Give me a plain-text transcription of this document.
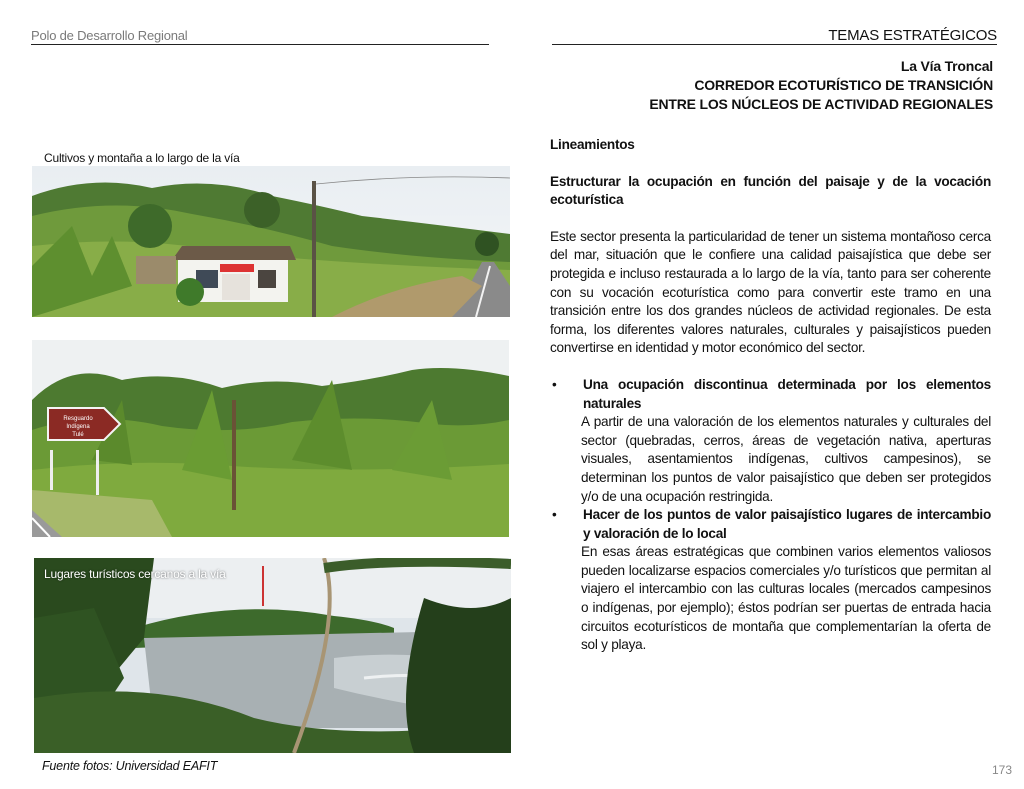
Polo de Desarrollo Regional	TEMAS ESTRATÉGICOS
La Vía Troncal
CORREDOR ECOTURÍSTICO DE TRANSICIÓN
ENTRE LOS NÚCLEOS DE ACTIVIDAD REGIONALES
Cultivos y montaña a lo largo de la vía
Resguardo
Indígena
Tulé
Lugares turísticos cercanos a la vía
Fuente fotos: Universidad EAFIT	173
Lineamientos
Estructurar la ocupación en función del paisaje y de la vocación ecoturística
Este sector presenta la particularidad de tener un sistema montañoso cerca del mar, situación que le confiere una calidad paisajística que debe ser protegida e incluso restaurada a lo largo de la vía, tanto para ser coherente con su vocación ecoturística como para convertir este tramo en una transición entre los dos grandes núcleos de actividad regionales. De esta forma, los diferentes valores naturales, culturales y paisajísticos pueden convertirse en identidad y motor económico del sector.
• Una ocupación discontinua determinada por los elementos naturales
A partir de una valoración de los elementos naturales y culturales del sector (quebradas, cerros, áreas de vegetación nativa, aperturas visuales, asentamientos indígenas, cultivos campesinos), se determinan los puntos de valor paisajístico que deben ser protegidos y/o de una ocupación restringida.
• Hacer de los puntos de valor paisajístico lugares de intercambio y valoración de lo local
En esas áreas estratégicas que combinen varios elementos valiosos pueden localizarse espacios comerciales y/o turísticos que permitan al viajero el intercambio con las culturas locales (mercados campesinos o indígenas, por ejemplo); éstos podrían ser puertas de entrada hacia circuitos ecoturísticos de montaña que complementarían la oferta de sol y playa.
